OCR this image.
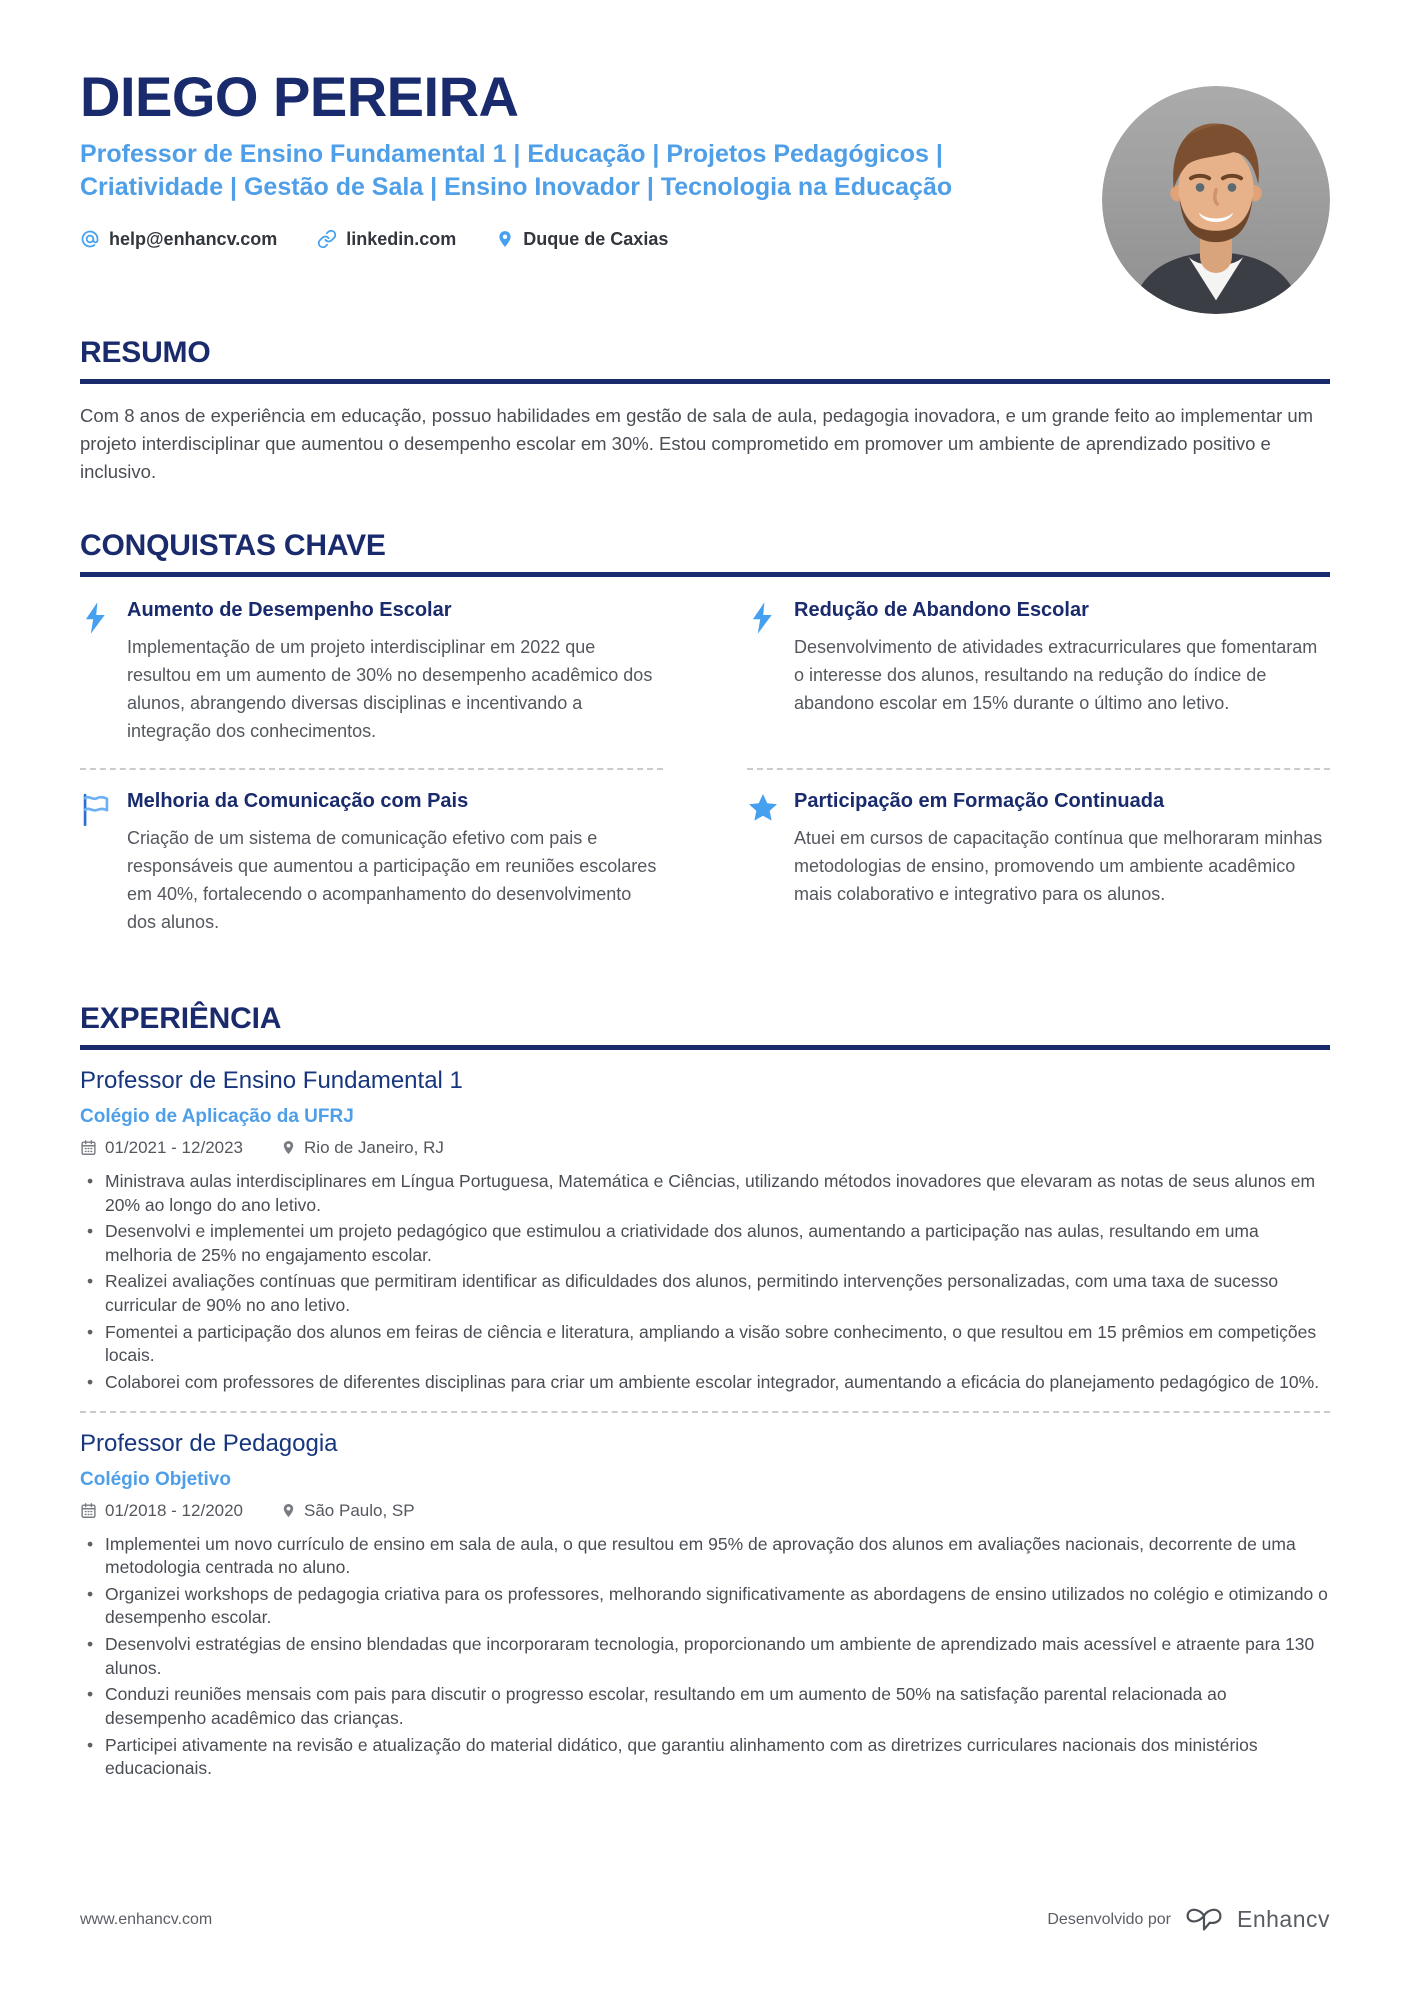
DIEGO PEREIRA
Professor de Ensino Fundamental 1 | Educação | Projetos Pedagógicos | Criatividade | Gestão de Sala | Ensino Inovador | Tecnologia na Educação
help@enhancv.com	linkedin.com	Duque de Caxias
RESUMO

Com 8 anos de experiência em educação, possuo habilidades em gestão de sala de aula, pedagogia inovadora, e um grande feito ao implementar um projeto interdisciplinar que aumentou o desempenho escolar em 30%. Estou comprometido em promover um ambiente de aprendizado positivo e inclusivo.

CONQUISTAS CHAVE
Aumento de Desempenho Escolar
Implementação de um projeto interdisciplinar em 2022 que resultou em um aumento de 30% no desempenho acadêmico dos alunos, abrangendo diversas disciplinas e incentivando a integração dos conhecimentos.
Redução de Abandono Escolar
Desenvolvimento de atividades extracurriculares que fomentaram o interesse dos alunos, resultando na redução do índice de abandono escolar em 15% durante o último ano letivo.
Melhoria da Comunicação com Pais
Criação de um sistema de comunicação efetivo com pais e responsáveis que aumentou a participação em reuniões escolares em 40%, fortalecendo o acompanhamento do desenvolvimento dos alunos.
Participação em Formação Continuada
Atuei em cursos de capacitação contínua que melhoraram minhas metodologias de ensino, promovendo um ambiente acadêmico mais colaborativo e integrativo para os alunos.
EXPERIÊNCIA
Professor de Ensino Fundamental 1
Colégio de Aplicação da UFRJ
01/2021 - 12/2023	Rio de Janeiro, RJ
• Ministrava aulas interdisciplinares em Língua Portuguesa, Matemática e Ciências, utilizando métodos inovadores que elevaram as notas de seus alunos em 20% ao longo do ano letivo.
• Desenvolvi e implementei um projeto pedagógico que estimulou a criatividade dos alunos, aumentando a participação nas aulas, resultando em uma melhoria de 25% no engajamento escolar.
• Realizei avaliações contínuas que permitiram identificar as dificuldades dos alunos, permitindo intervenções personalizadas, com uma taxa de sucesso curricular de 90% no ano letivo.
• Fomentei a participação dos alunos em feiras de ciência e literatura, ampliando a visão sobre conhecimento, o que resultou em 15 prêmios em competições locais.
• Colaborei com professores de diferentes disciplinas para criar um ambiente escolar integrador, aumentando a eficácia do planejamento pedagógico de 10%.
Professor de Pedagogia
Colégio Objetivo
01/2018 - 12/2020	São Paulo, SP
• Implementei um novo currículo de ensino em sala de aula, o que resultou em 95% de aprovação dos alunos em avaliações nacionais, decorrente de uma metodologia centrada no aluno.
• Organizei workshops de pedagogia criativa para os professores, melhorando significativamente as abordagens de ensino utilizados no colégio e otimizando o desempenho escolar.
• Desenvolvi estratégias de ensino blendadas que incorporaram tecnologia, proporcionando um ambiente de aprendizado mais acessível e atraente para 130 alunos.
• Conduzi reuniões mensais com pais para discutir o progresso escolar, resultando em um aumento de 50% na satisfação parental relacionada ao desempenho acadêmico das crianças.
• Participei ativamente na revisão e atualização do material didático, que garantiu alinhamento com as diretrizes curriculares nacionais dos ministérios educacionais.
www.enhancv.com	Desenvolvido por	Enhancv
